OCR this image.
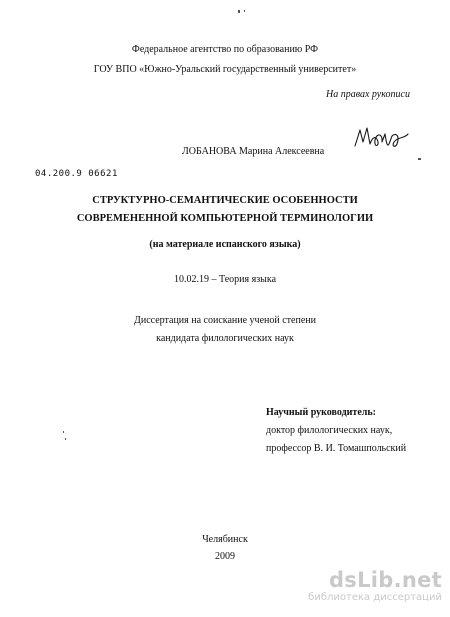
Федеральное агентство по образованию РФ
ГОУ ВПО «Южно-Уральский государственный университет»
На правах рукописи
04.200.9 06621
ЛОБАНОВА Марина Алексеевна
СТРУКТУРНО-СЕМАНТИЧЕСКИЕ ОСОБЕННОСТИ
СОВРЕМЕНЕННОЙ КОМПЬЮТЕРНОЙ ТЕРМИНОЛОГИИ
(на материале испанского языка)
10.02.19 – Теория языка
Диссертация на соискание ученой степени
кандидата филологических наук
Научный руководитель:
доктор филологических наук,
профессор В. И. Томашпольский
Челябинск
2009
dsLib.net
библиотека диссертаций
